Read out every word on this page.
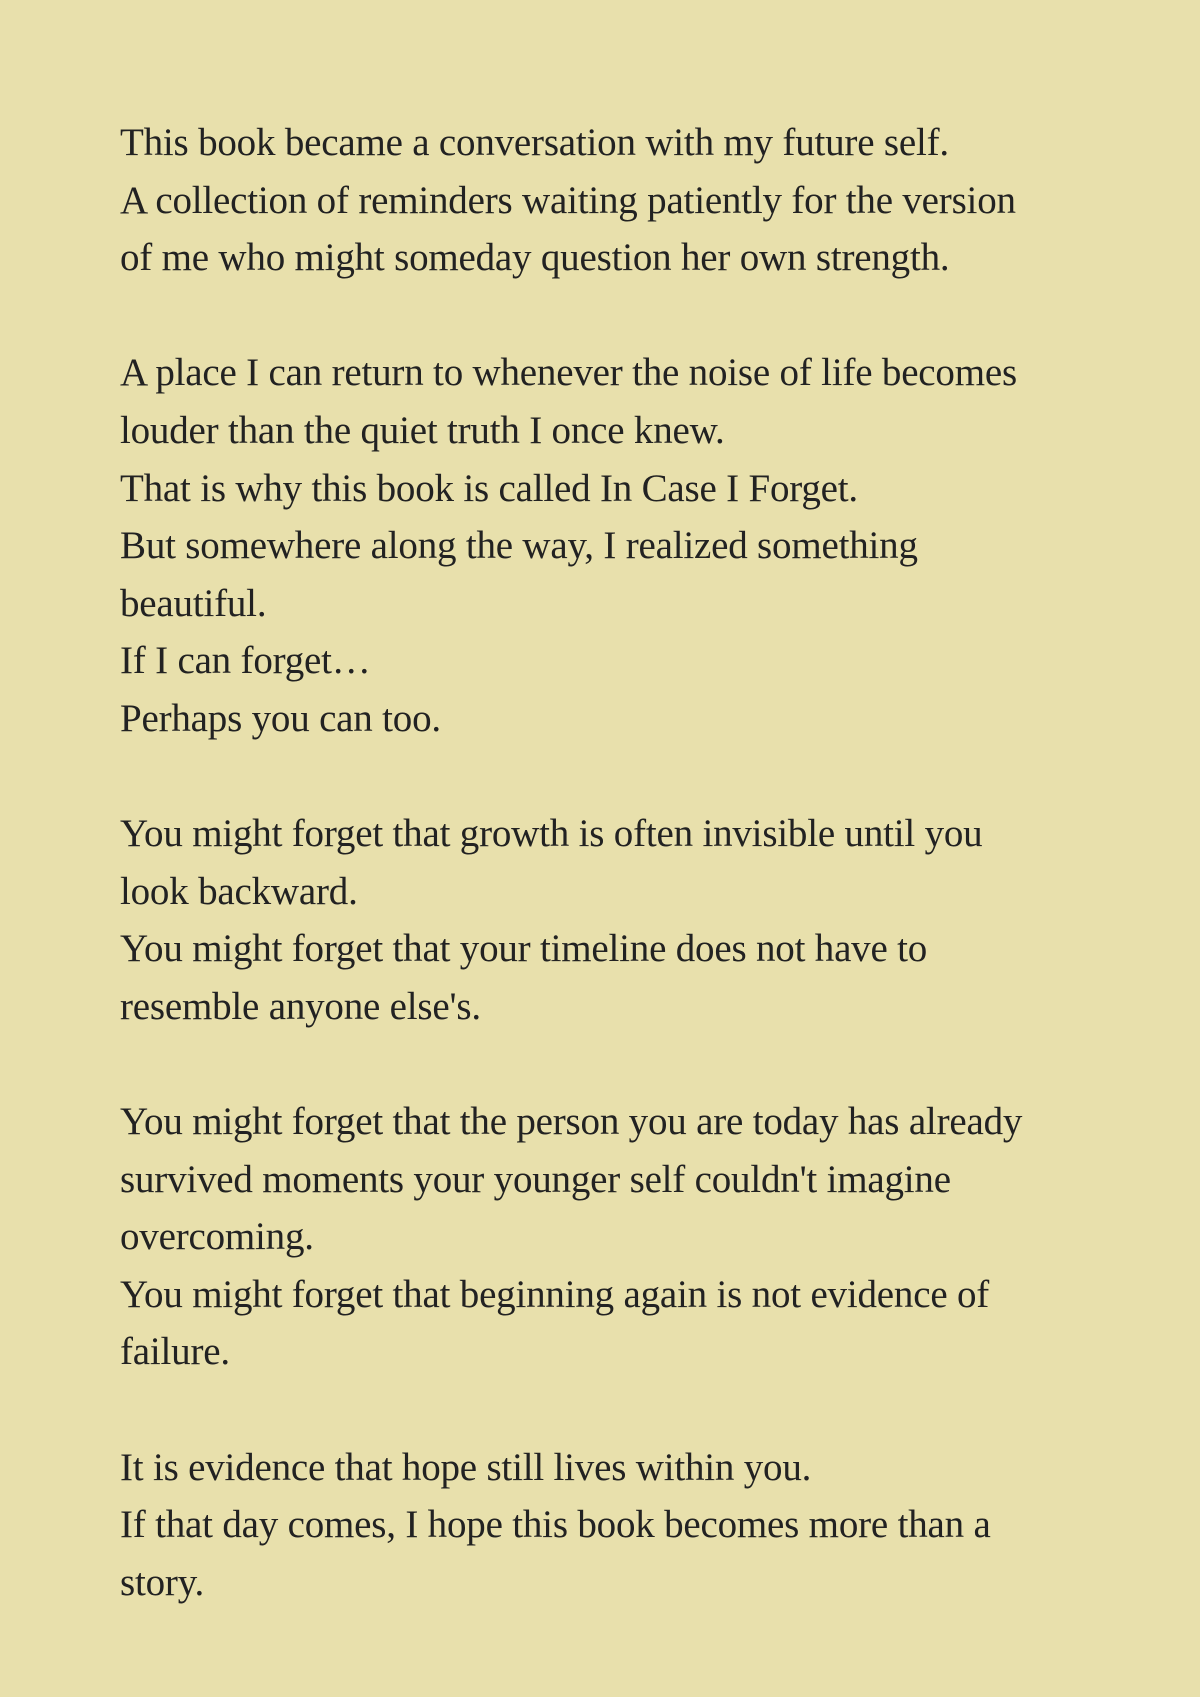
This book became a conversation with my future self.
A collection of reminders waiting patiently for the version
of me who might someday question her own strength.
A place I can return to whenever the noise of life becomes
louder than the quiet truth I once knew.
That is why this book is called In Case I Forget.
But somewhere along the way, I realized something
beautiful.
If I can forget…
Perhaps you can too.
You might forget that growth is often invisible until you
look backward.
You might forget that your timeline does not have to
resemble anyone else's.
You might forget that the person you are today has already
survived moments your younger self couldn't imagine
overcoming.
You might forget that beginning again is not evidence of
failure.
It is evidence that hope still lives within you.
If that day comes, I hope this book becomes more than a
story.
